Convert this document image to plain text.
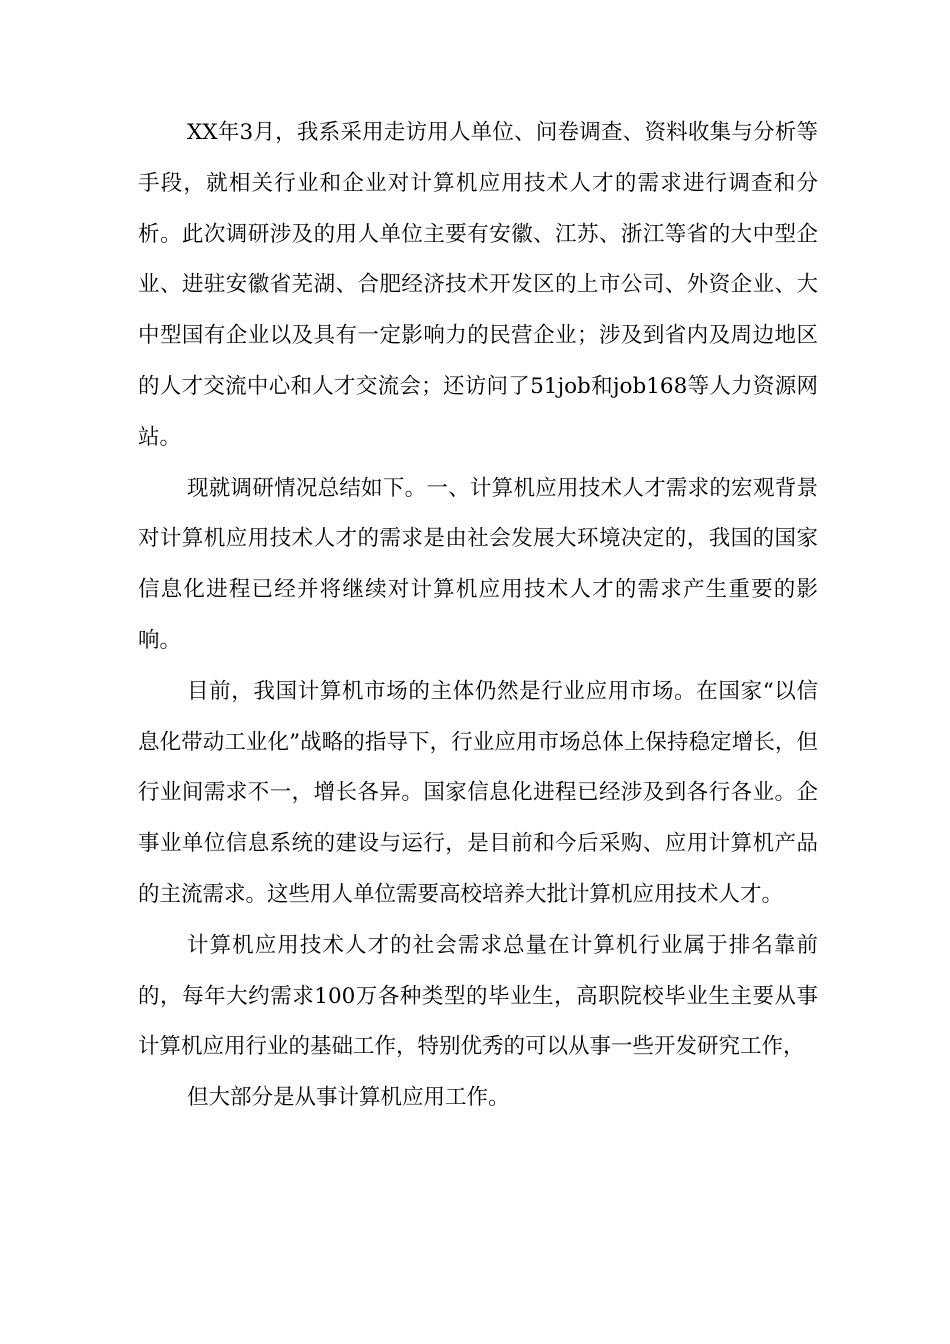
XX年3月，我系采用走访用人单位、问卷调查、资料收集与分析等手段，就相关行业和企业对计算机应用技术人才的需求进行调查和分析。此次调研涉及的用人单位主要有安徽、江苏、浙江等省的大中型企业、进驻安徽省芜湖、合肥经济技术开发区的上市公司、外资企业、大中型国有企业以及具有一定影响力的民营企业；涉及到省内及周边地区的人才交流中心和人才交流会；还访问了51job和job168等人力资源网站。

现就调研情况总结如下。一、计算机应用技术人才需求的宏观背景对计算机应用技术人才的需求是由社会发展大环境决定的，我国的国家信息化进程已经并将继续对计算机应用技术人才的需求产生重要的影响。

目前，我国计算机市场的主体仍然是行业应用市场。在国家“以信息化带动工业化”战略的指导下，行业应用市场总体上保持稳定增长，但行业间需求不一，增长各异。国家信息化进程已经涉及到各行各业。企事业单位信息系统的建设与运行，是目前和今后采购、应用计算机产品的主流需求。这些用人单位需要高校培养大批计算机应用技术人才。

计算机应用技术人才的社会需求总量在计算机行业属于排名靠前的，每年大约需求100万各种类型的毕业生，高职院校毕业生主要从事计算机应用行业的基础工作，特别优秀的可以从事一些开发研究工作，

但大部分是从事计算机应用工作。
